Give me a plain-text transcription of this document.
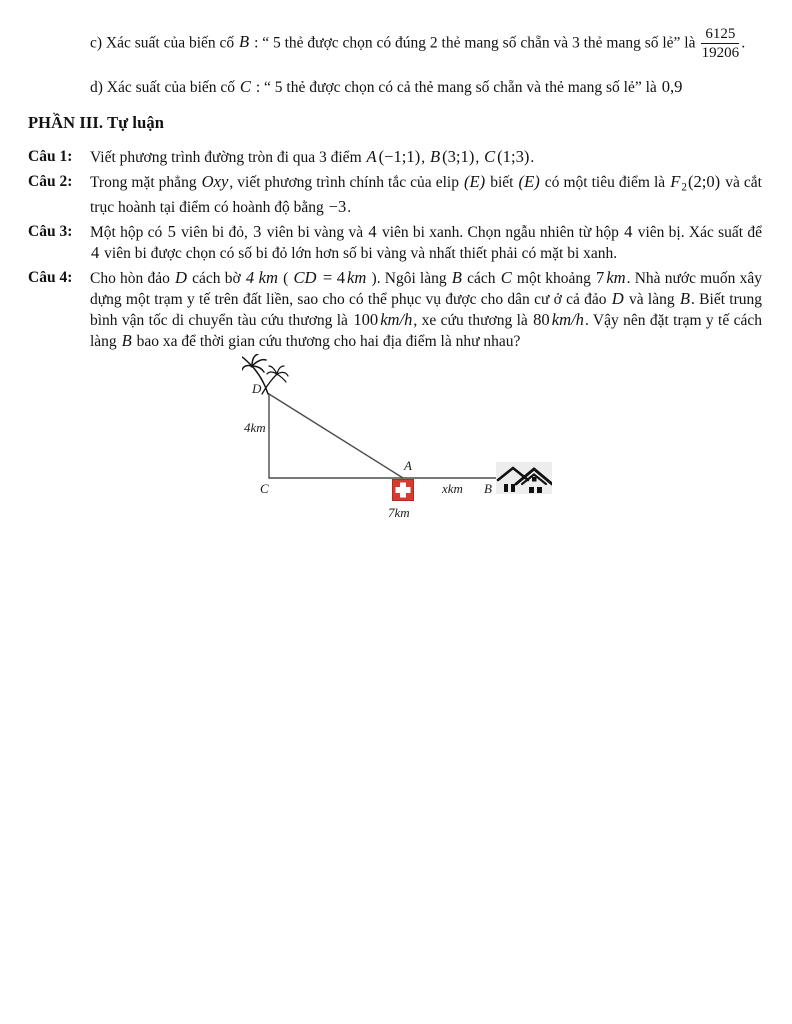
c) Xác suất của biến cố B : “ 5 thẻ được chọn có đúng 2 thẻ mang số chẵn và 3 thẻ mang số lẻ” là $\frac{6125}{19206}$ .

d) Xác suất của biến cố C : “ 5 thẻ được chọn có cả thẻ mang số chẵn và thẻ mang số lẻ” là 0,9

PHẦN III. Tự luận
Câu 1:	Viết phương trình đường tròn đi qua 3 điểm A (−1;1), B (3;1), C (1;3).

Câu 2:	Trong mặt phẳng Oxy, viết phương trình chính tắc của elip (E) biết (E) có một tiêu điểm là $F_2(2;0)$ và cắt trục hoành tại điểm có hoành độ bằng −3.

Câu 3:	Một hộp có 5 viên bi đỏ, 3 viên bi vàng và 4 viên bi xanh. Chọn ngẫu nhiên từ hộp 4 viên bị. Xác suất để 4 viên bi được chọn có số bi đỏ lớn hơn số bi vàng và nhất thiết phải có mặt bi xanh.

Câu 4:	Cho hòn đảo D cách bờ 4 km ( CD = 4 km ). Ngôi làng B cách C một khoảng 7 km. Nhà nước muốn xây dựng một trạm y tế trên đất liền, sao cho có thể phục vụ được cho dân cư ở cả đảo D và làng B. Biết trung bình vận tốc di chuyển tàu cứu thương là 100 km/h, xe cứu thương là 80 km/h. Vậy nên đặt trạm y tế cách làng B bao xa để thời gian cứu thương cho hai địa điểm là như nhau?

D
C
A
B
4km
xkm
7km
